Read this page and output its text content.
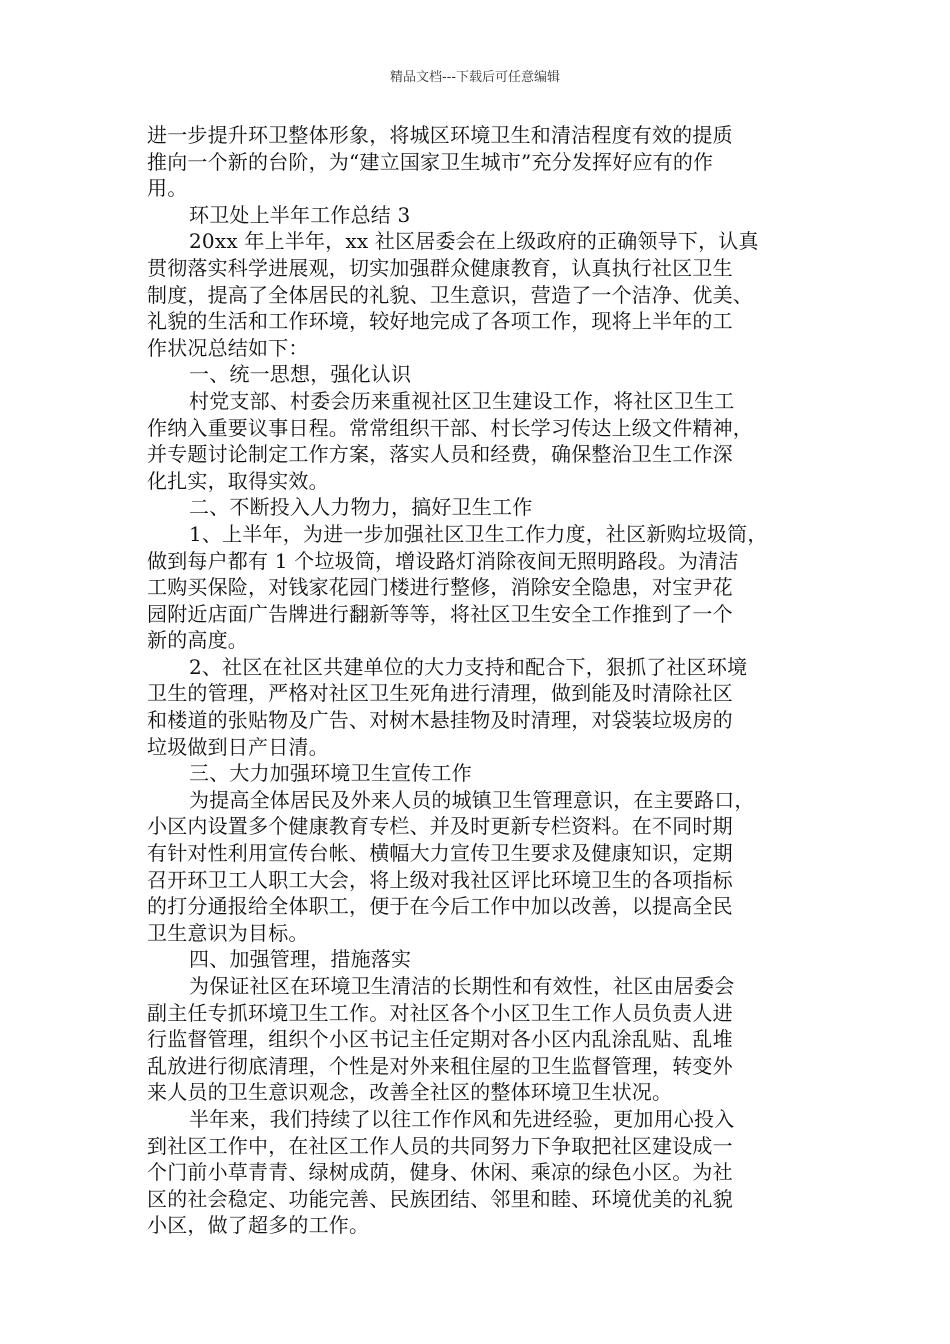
精品文档---下载后可任意编辑
进一步提升环卫整体形象，将城区环境卫生和清洁程度有效的提质
推向一个新的台阶，为“建立国家卫生城市”充分发挥好应有的作
用。
环卫处上半年工作总结 3
20xx 年上半年，xx 社区居委会在上级政府的正确领导下，认真
贯彻落实科学进展观，切实加强群众健康教育，认真执行社区卫生
制度，提高了全体居民的礼貌、卫生意识，营造了一个洁净、优美、
礼貌的生活和工作环境，较好地完成了各项工作，现将上半年的工
作状况总结如下：
一、统一思想，强化认识
村党支部、村委会历来重视社区卫生建设工作，将社区卫生工
作纳入重要议事日程。常常组织干部、村长学习传达上级文件精神，
并专题讨论制定工作方案，落实人员和经费，确保整治卫生工作深
化扎实，取得实效。
二、不断投入人力物力，搞好卫生工作
1、上半年，为进一步加强社区卫生工作力度，社区新购垃圾筒，
做到每户都有 1 个垃圾筒，增设路灯消除夜间无照明路段。为清洁
工购买保险，对钱家花园门楼进行整修，消除安全隐患，对宝尹花
园附近店面广告牌进行翻新等等，将社区卫生安全工作推到了一个
新的高度。
2、社区在社区共建单位的大力支持和配合下，狠抓了社区环境
卫生的管理，严格对社区卫生死角进行清理，做到能及时清除社区
和楼道的张贴物及广告、对树木悬挂物及时清理，对袋装垃圾房的
垃圾做到日产日清。
三、大力加强环境卫生宣传工作
为提高全体居民及外来人员的城镇卫生管理意识，在主要路口，
小区内设置多个健康教育专栏、并及时更新专栏资料。在不同时期
有针对性利用宣传台帐、横幅大力宣传卫生要求及健康知识，定期
召开环卫工人职工大会，将上级对我社区评比环境卫生的各项指标
的打分通报给全体职工，便于在今后工作中加以改善，以提高全民
卫生意识为目标。
四、加强管理，措施落实
为保证社区在环境卫生清洁的长期性和有效性，社区由居委会
副主任专抓环境卫生工作。对社区各个小区卫生工作人员负责人进
行监督管理，组织个小区书记主任定期对各小区内乱涂乱贴、乱堆
乱放进行彻底清理，个性是对外来租住屋的卫生监督管理，转变外
来人员的卫生意识观念，改善全社区的整体环境卫生状况。
半年来，我们持续了以往工作作风和先进经验，更加用心投入
到社区工作中，在社区工作人员的共同努力下争取把社区建设成一
个门前小草青青、绿树成荫，健身、休闲、乘凉的绿色小区。为社
区的社会稳定、功能完善、民族团结、邻里和睦、环境优美的礼貌
小区，做了超多的工作。
